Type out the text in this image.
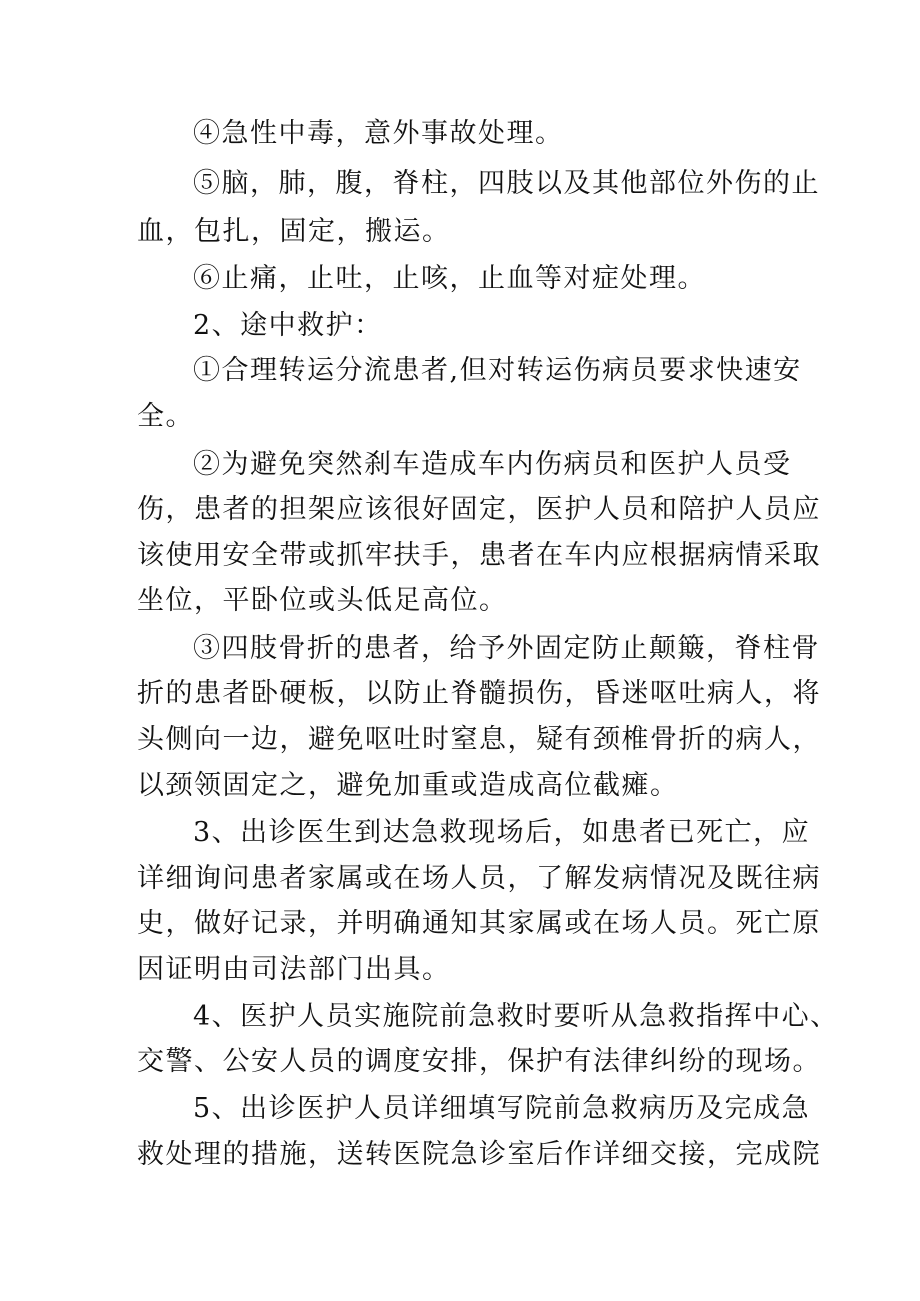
④急性中毒，意外事故处理。
⑤脑，肺，腹，脊柱，四肢以及其他部位外伤的止
血，包扎，固定，搬运。
⑥止痛，止吐，止咳，止血等对症处理。
2、途中救护：
①合理转运分流患者,但对转运伤病员要求快速安
全。
②为避免突然刹车造成车内伤病员和医护人员受
伤，患者的担架应该很好固定，医护人员和陪护人员应
该使用安全带或抓牢扶手，患者在车内应根据病情采取
坐位，平卧位或头低足高位。
③四肢骨折的患者，给予外固定防止颠簸，脊柱骨
折的患者卧硬板，以防止脊髓损伤，昏迷呕吐病人，将
头侧向一边，避免呕吐时窒息，疑有颈椎骨折的病人，
以颈领固定之，避免加重或造成高位截瘫。
3、出诊医生到达急救现场后，如患者已死亡，应
详细询问患者家属或在场人员，了解发病情况及既往病
史，做好记录，并明确通知其家属或在场人员。死亡原
因证明由司法部门出具。
4、医护人员实施院前急救时要听从急救指挥中心、
交警、公安人员的调度安排，保护有法律纠纷的现场。
5、出诊医护人员详细填写院前急救病历及完成急
救处理的措施，送转医院急诊室后作详细交接，完成院
